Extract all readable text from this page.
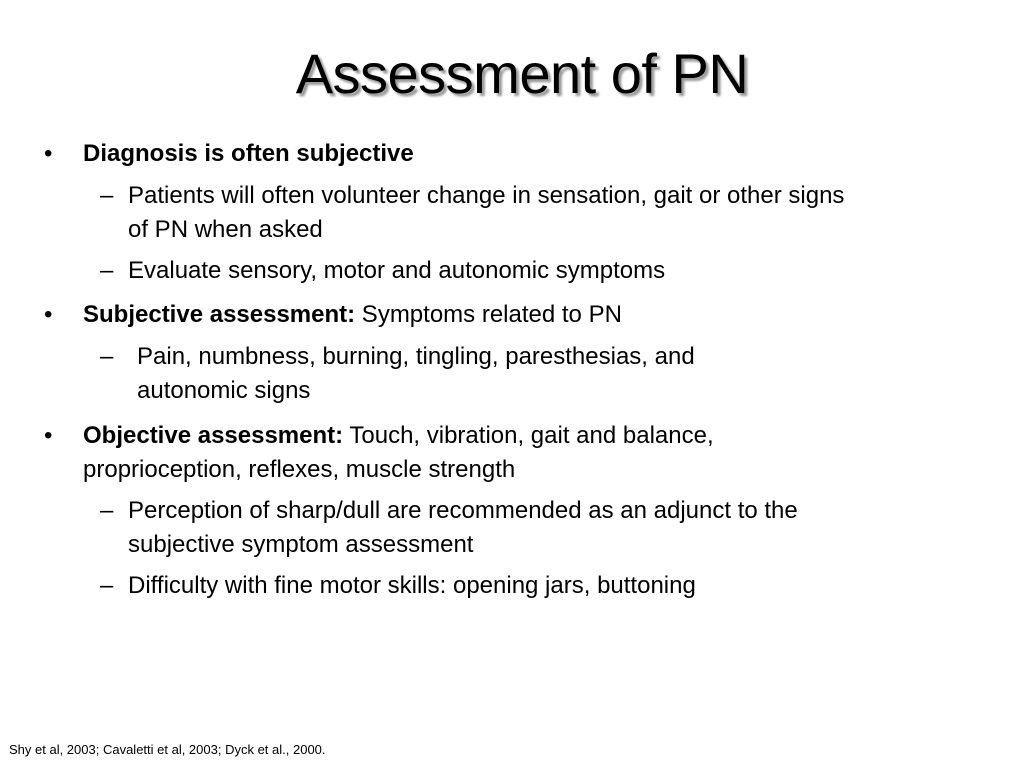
Assessment of PN
• Diagnosis is often subjective
– Patients will often volunteer change in sensation, gait or other signs
of PN when asked
– Evaluate sensory, motor and autonomic symptoms
• Subjective assessment: Symptoms related to PN
– Pain, numbness, burning, tingling, paresthesias, and
autonomic signs
• Objective assessment: Touch, vibration, gait and balance,
proprioception, reflexes, muscle strength
– Perception of sharp/dull are recommended as an adjunct to the
subjective symptom assessment
– Difficulty with fine motor skills: opening jars, buttoning
Shy et al, 2003; Cavaletti et al, 2003; Dyck et al., 2000.
